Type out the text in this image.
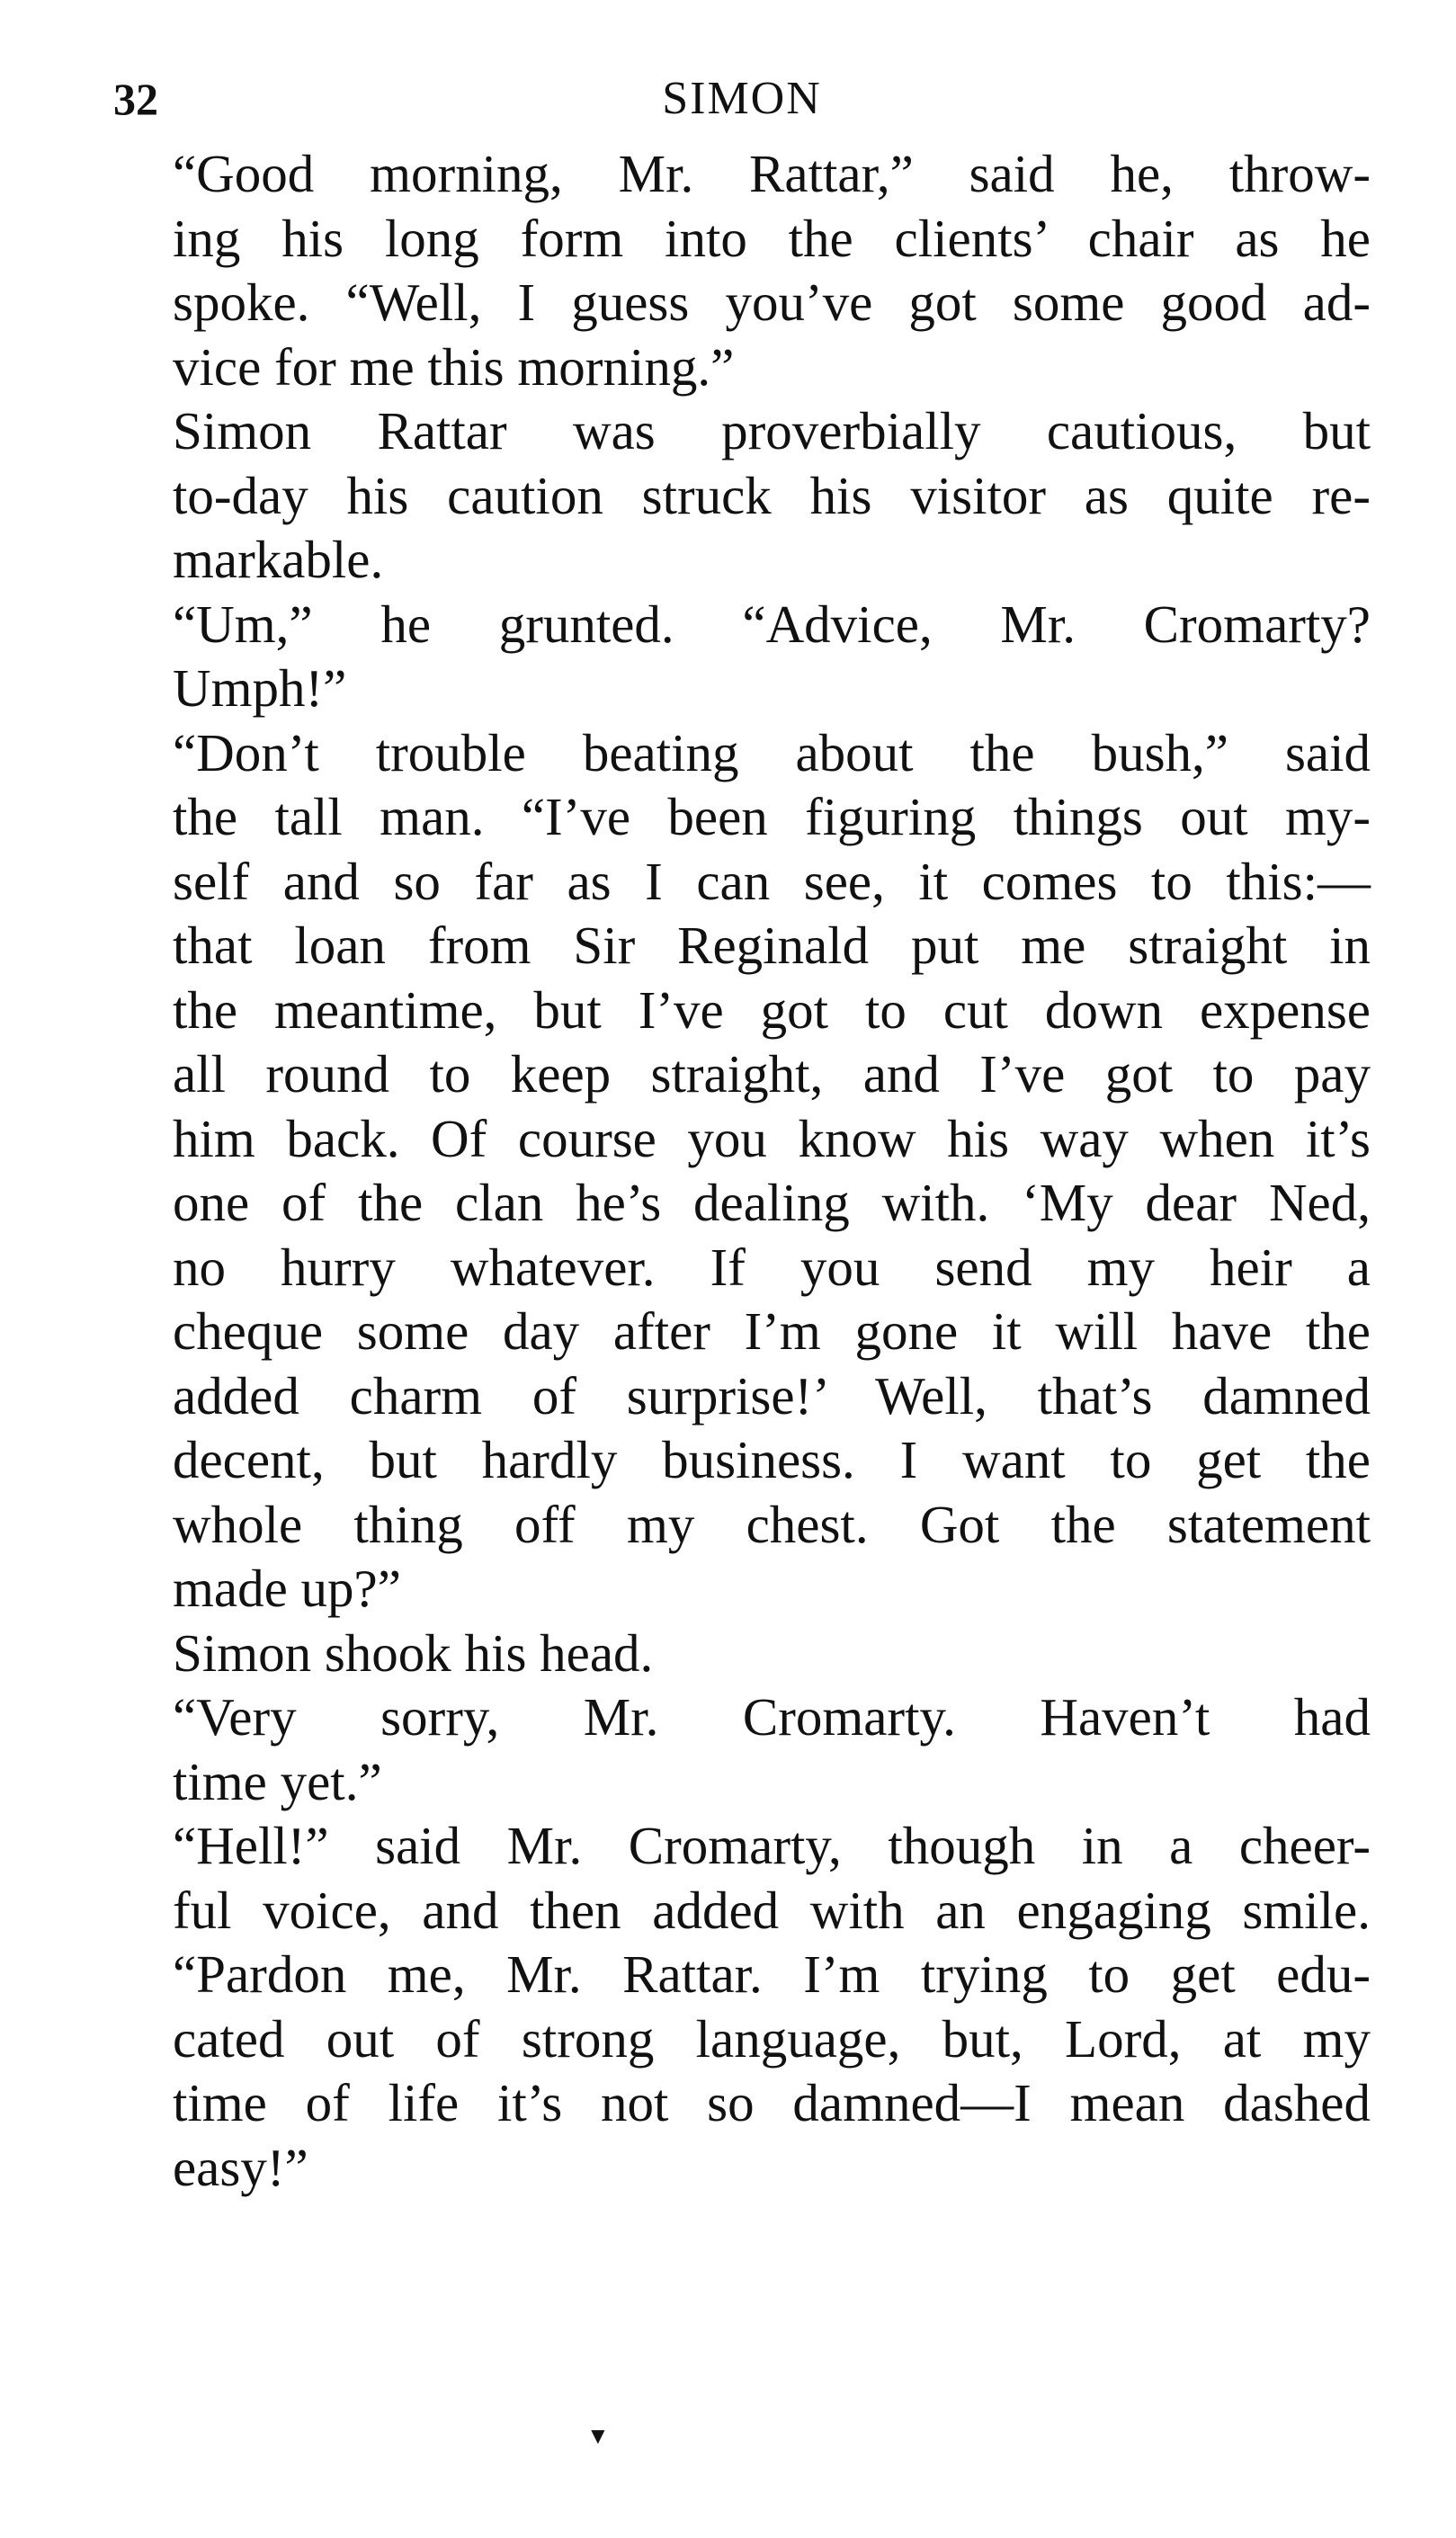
32	SIMON

“Good morning, Mr. Rattar,” said he, throw-
ing his long form into the clients’ chair as he
spoke. “Well, I guess you’ve got some good ad-
vice for me this morning.”

Simon Rattar was proverbially cautious, but
to-day his caution struck his visitor as quite re-
markable.

“Um,” he grunted. “Advice, Mr. Cromarty?
Umph!”

“Don’t trouble beating about the bush,” said
the tall man. “I’ve been figuring things out my-
self and so far as I can see, it comes to this:—
that loan from Sir Reginald put me straight in
the meantime, but I’ve got to cut down expense
all round to keep straight, and I’ve got to pay
him back. Of course you know his way when it’s
one of the clan he’s dealing with. ‘My dear Ned,
no hurry whatever. If you send my heir a
cheque some day after I’m gone it will have the
added charm of surprise!’ Well, that’s damned
decent, but hardly business. I want to get the
whole thing off my chest. Got the statement
made up?”

Simon shook his head.

“Very sorry, Mr. Cromarty. Haven’t had
time yet.”

“Hell!” said Mr. Cromarty, though in a cheer-
ful voice, and then added with an engaging smile.
“Pardon me, Mr. Rattar. I’m trying to get edu-
cated out of strong language, but, Lord, at my
time of life it’s not so damned—I mean dashed
easy!”

▼
